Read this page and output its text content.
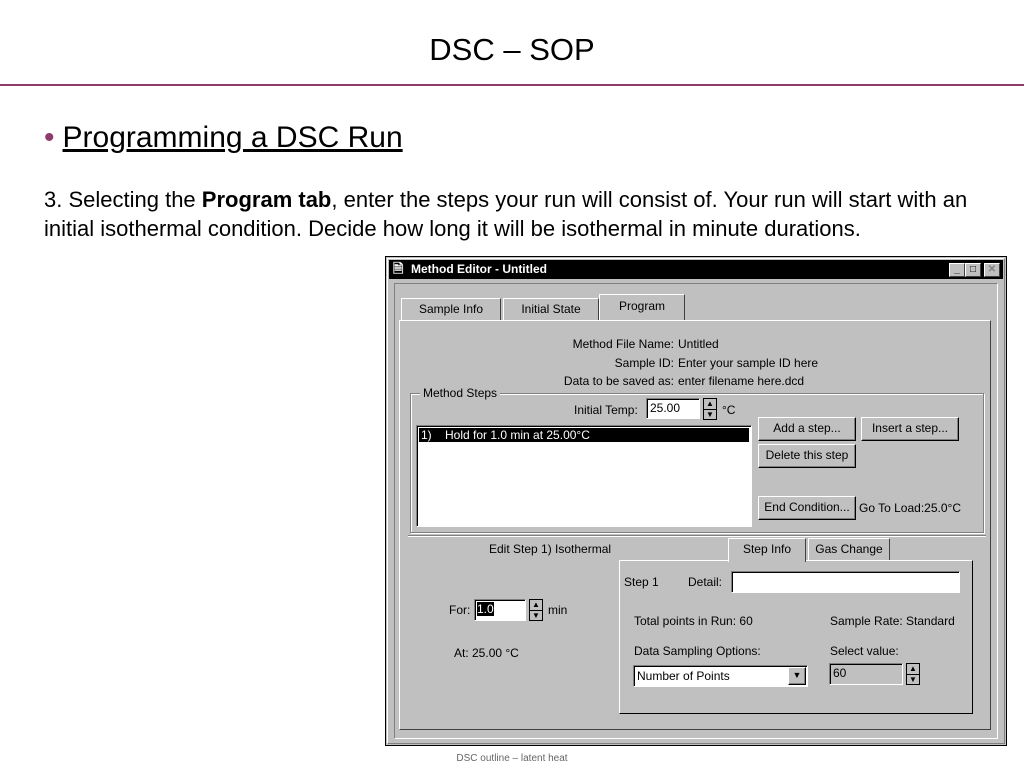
DSC – SOP
• Programming a DSC Run
3. Selecting the Program tab, enter the steps your run will consist of. Your run will start with an initial isothermal condition. Decide how long it will be isothermal in minute durations.
🗎 Method Editor - Untitled	_	□	✕
Sample Info	Initial State	Program
Method File Name: Untitled
Sample ID: Enter your sample ID here
Data to be saved as: enter filename here.dcd
Method Steps
Initial Temp:	25.00	▲
▼ °C
1)    Hold for 1.0 min at 25.00°C	Add a step...	Insert a step...
Delete this step
End Condition... Go To Load:25.0°C
Edit Step 1) Isothermal
For: 1.0	▲
▼ min
At: 25.00 °C
Step Info	Gas Change
Step 1 Detail:
Total points in Run: 60	Sample Rate: Standard
Data Sampling Options:	Select value:
Number of Points	▼	60	▲
▼
DSC outline – latent heat
